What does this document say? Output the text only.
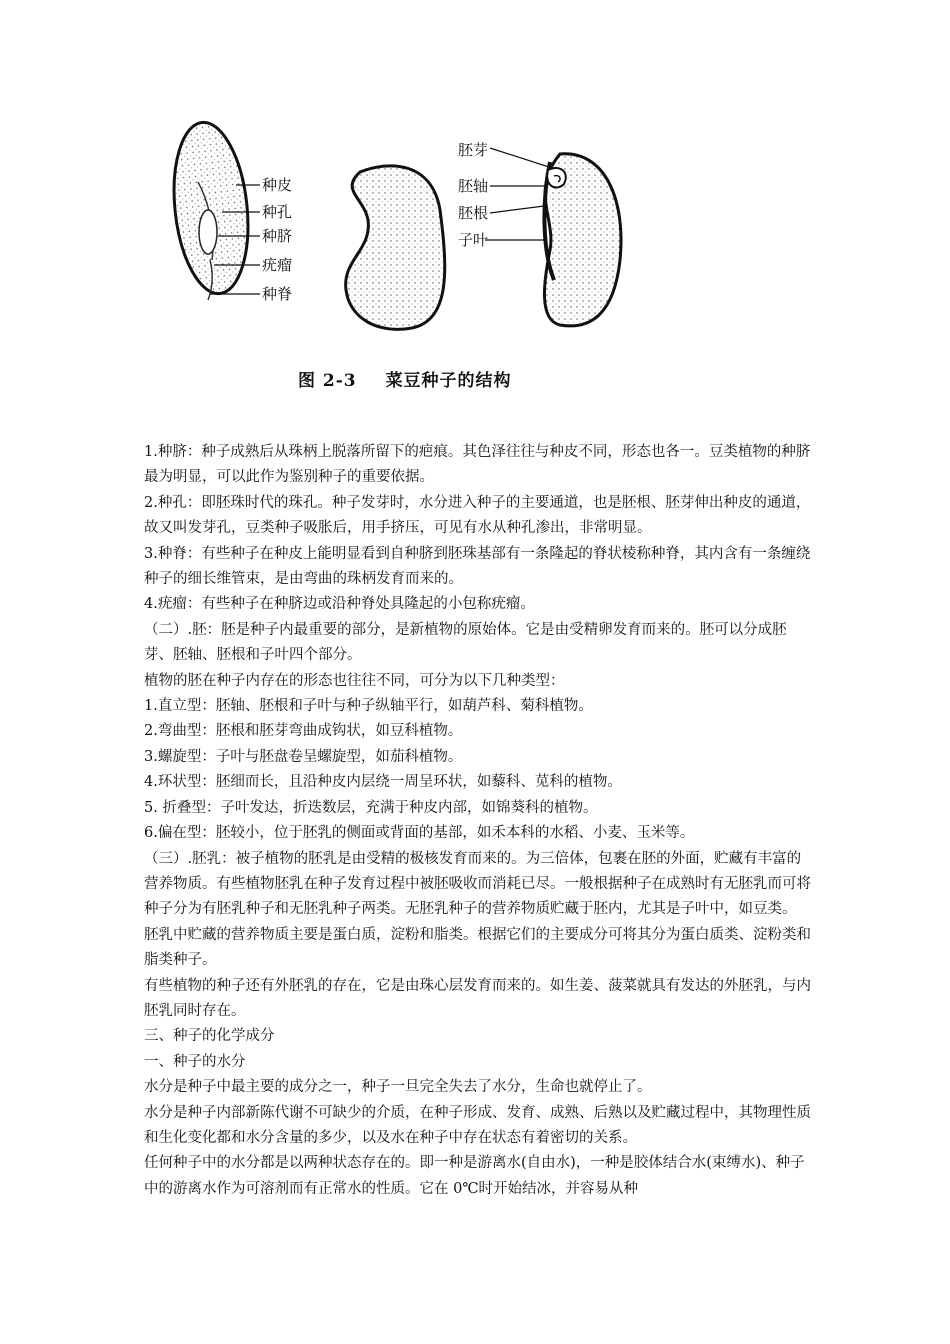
种皮
种孔
种脐
疣瘤
种脊
胚芽
胚轴
胚根
子叶
图 2-3 菜豆种子的结构

1.种脐：种子成熟后从珠柄上脱落所留下的疤痕。其色泽往往与种皮不同，形态也各一。豆类植物的种脐最为明显，可以此作为鉴别种子的重要依据。

2.种孔：即胚珠时代的珠孔。种子发芽时，水分进入种子的主要通道，也是胚根、胚芽伸出种皮的通道，故又叫发芽孔，豆类种子吸胀后，用手挤压，可见有水从种孔渗出，非常明显。

3.种脊：有些种子在种皮上能明显看到自种脐到胚珠基部有一条隆起的脊状棱称种脊，其内含有一条缠绕种子的细长维管束，是由弯曲的珠柄发育而来的。

4.疣瘤：有些种子在种脐边或沿种脊处具隆起的小包称疣瘤。

（二）.胚：胚是种子内最重要的部分，是新植物的原始体。它是由受精卵发育而来的。胚可以分成胚芽、胚轴、胚根和子叶四个部分。

植物的胚在种子内存在的形态也往往不同，可分为以下几种类型：

1.直立型：胚轴、胚根和子叶与种子纵轴平行，如葫芦科、菊科植物。

2.弯曲型：胚根和胚芽弯曲成钩状，如豆科植物。

3.螺旋型：子叶与胚盘卷呈螺旋型，如茄科植物。

4.环状型：胚细而长，且沿种皮内层绕一周呈环状，如藜科、苋科的植物。

5. 折叠型：子叶发达，折迭数层，充满于种皮内部，如锦葵科的植物。

6.偏在型：胚较小，位于胚乳的侧面或背面的基部，如禾本科的水稻、小麦、玉米等。

（三）.胚乳：被子植物的胚乳是由受精的极核发育而来的。为三倍体，包裹在胚的外面，贮藏有丰富的营养物质。有些植物胚乳在种子发育过程中被胚吸收而消耗已尽。一般根据种子在成熟时有无胚乳而可将种子分为有胚乳种子和无胚乳种子两类。无胚乳种子的营养物质贮藏于胚内，尤其是子叶中，如豆类。

胚乳中贮藏的营养物质主要是蛋白质，淀粉和脂类。根据它们的主要成分可将其分为蛋白质类、淀粉类和脂类种子。

有些植物的种子还有外胚乳的存在，它是由珠心层发育而来的。如生姜、菠菜就具有发达的外胚乳，与内胚乳同时存在。

三、种子的化学成分

一、种子的水分

水分是种子中最主要的成分之一，种子一旦完全失去了水分，生命也就停止了。

水分是种子内部新陈代谢不可缺少的介质，在种子形成、发育、成熟、后熟以及贮藏过程中，其物理性质和生化变化都和水分含量的多少，以及水在种子中存在状态有着密切的关系。

任何种子中的水分都是以两种状态存在的。即一种是游离水(自由水)，一种是胶体结合水(束缚水)、种子中的游离水作为可溶剂而有正常水的性质。它在 0℃时开始结冰，并容易从种
